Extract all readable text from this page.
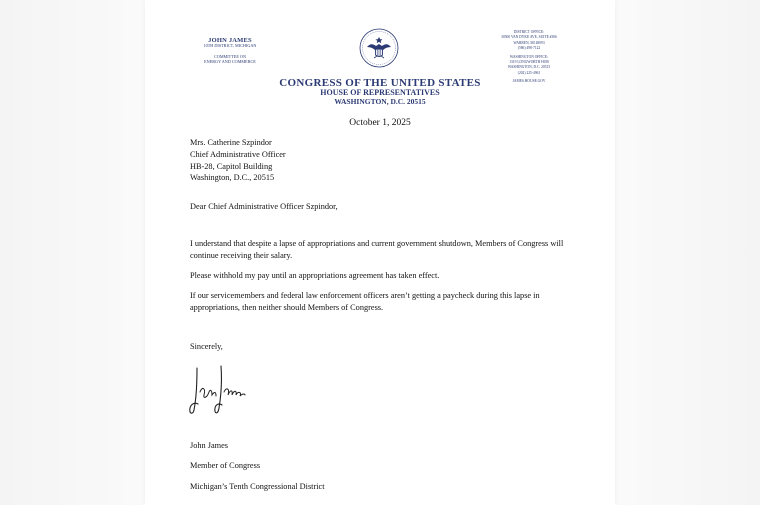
JOHN JAMES
10TH DISTRICT, MICHIGAN
COMMITTEE ON
ENERGY AND COMMERCE
CONGRESS OF THE UNITED STATES
HOUSE OF REPRESENTATIVES
WASHINGTON, D.C. 20515
DISTRICT OFFICE:
30500 VAN DYKE AVE, SUITE #306
WARREN, MI 48093
(586) 498-7122
WASHINGTON OFFICE:
1319 LONGWORTH HOB
WASHINGTON, D.C. 20515
(202) 225-4961
JAMES.HOUSE.GOV
October 1, 2025
Mrs. Catherine Szpindor
Chief Administrative Officer
HB-28, Capitol Building
Washington, D.C., 20515
Dear Chief Administrative Officer Szpindor,
I understand that despite a lapse of appropriations and current government shutdown, Members of Congress will continue receiving their salary.
Please withhold my pay until an appropriations agreement has taken effect.
If our servicemembers and federal law enforcement officers aren’t getting a paycheck during this lapse in appropriations, then neither should Members of Congress.
Sincerely,
John James
Member of Congress
Michigan’s Tenth Congressional District
